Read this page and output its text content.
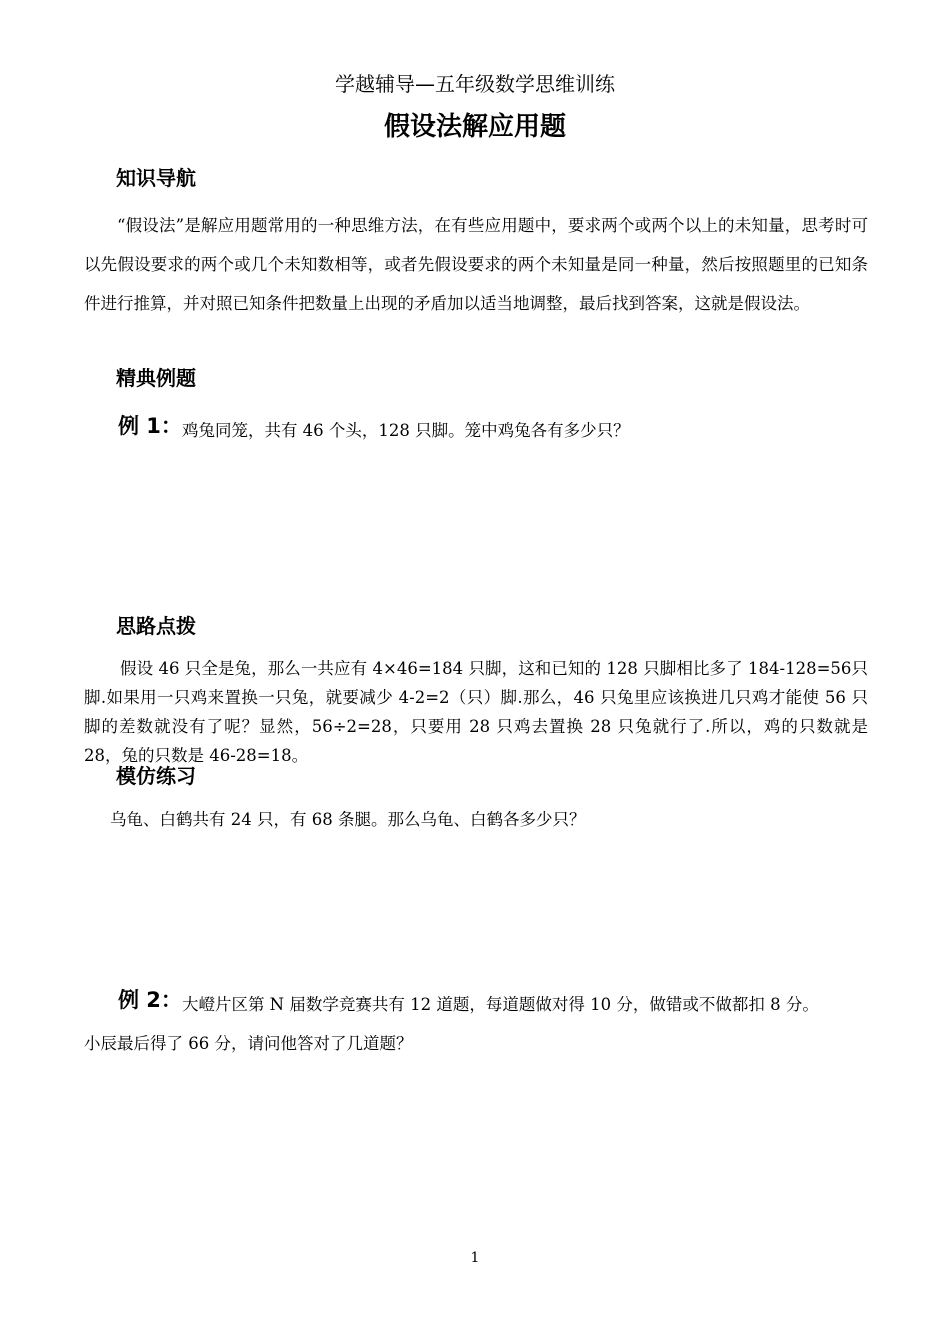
学越辅导—五年级数学思维训练
假设法解应用题
知识导航
“假设法”是解应用题常用的一种思维方法，在有些应用题中，要求两个或两个以上的未知量，思考时可以先假设要求的两个或几个未知数相等，或者先假设要求的两个未知量是同一种量，然后按照题里的已知条件进行推算，并对照已知条件把数量上出现的矛盾加以适当地调整，最后找到答案，这就是假设法。
精典例题
例 1：鸡兔同笼，共有 46 个头，128 只脚。笼中鸡兔各有多少只？
思路点拨
假设 46 只全是兔，那么一共应有 4×46=184 只脚，这和已知的 128 只脚相比多了 184-128=56只脚.如果用一只鸡来置换一只兔，就要减少 4-2=2（只）脚.那么，46 只兔里应该换进几只鸡才能使 56 只脚的差数就没有了呢？显然，56÷2=28，只要用 28 只鸡去置换 28 只兔就行了.所以，鸡的只数就是 28，兔的只数是 46-28=18。
模仿练习
乌龟、白鹤共有 24 只，有 68 条腿。那么乌龟、白鹤各多少只？
例 2：大嶝片区第 N 届数学竞赛共有 12 道题，每道题做对得 10 分，做错或不做都扣 8 分。
小辰最后得了 66 分，请问他答对了几道题？
1
